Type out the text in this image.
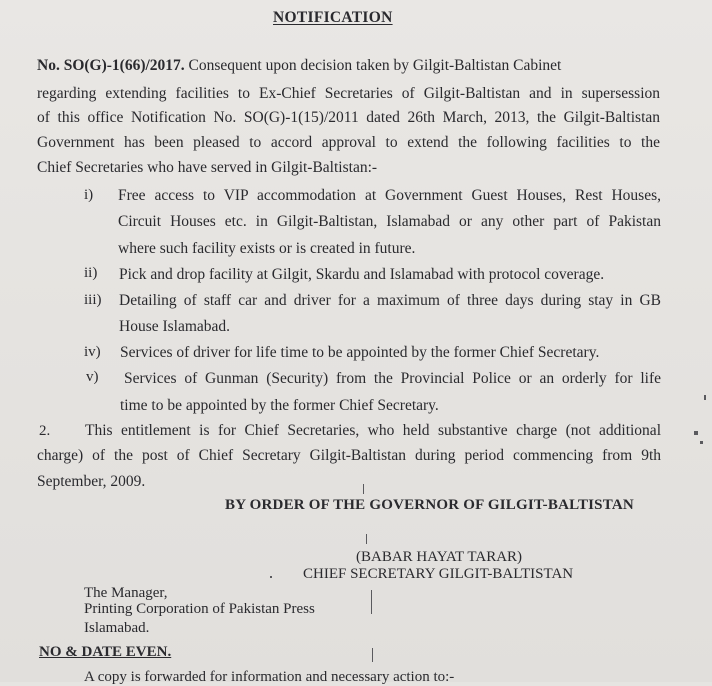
NOTIFICATION
No. SO(G)-1(66)/2017. Consequent upon decision taken by Gilgit-Baltistan Cabinet
regarding extending facilities to Ex-Chief Secretaries of Gilgit-Baltistan and in supersession
of this office Notification No. SO(G)-1(15)/2011 dated 26th March, 2013, the Gilgit-Baltistan
Government has been pleased to accord approval to extend the following facilities to the
Chief Secretaries who have served in Gilgit-Baltistan:-
i) Free access to VIP accommodation at Government Guest Houses, Rest Houses,
Circuit Houses etc. in Gilgit-Baltistan, Islamabad or any other part of Pakistan
where such facility exists or is created in future.
ii) Pick and drop facility at Gilgit, Skardu and Islamabad with protocol coverage.
iii) Detailing of staff car and driver for a maximum of three days during stay in GB
House Islamabad.
iv) Services of driver for life time to be appointed by the former Chief Secretary.
v) Services of Gunman (Security) from the Provincial Police or an orderly for life
time to be appointed by the former Chief Secretary.
2. This entitlement is for Chief Secretaries, who held substantive charge (not additional
charge) of the post of Chief Secretary Gilgit-Baltistan during period commencing from 9th
September, 2009.
BY ORDER OF THE GOVERNOR OF GILGIT-BALTISTAN
(BABAR HAYAT TARAR)
CHIEF SECRETARY GILGIT-BALTISTAN
The Manager,
Printing Corporation of Pakistan Press
Islamabad.
NO & DATE EVEN.
A copy is forwarded for information and necessary action to:-
